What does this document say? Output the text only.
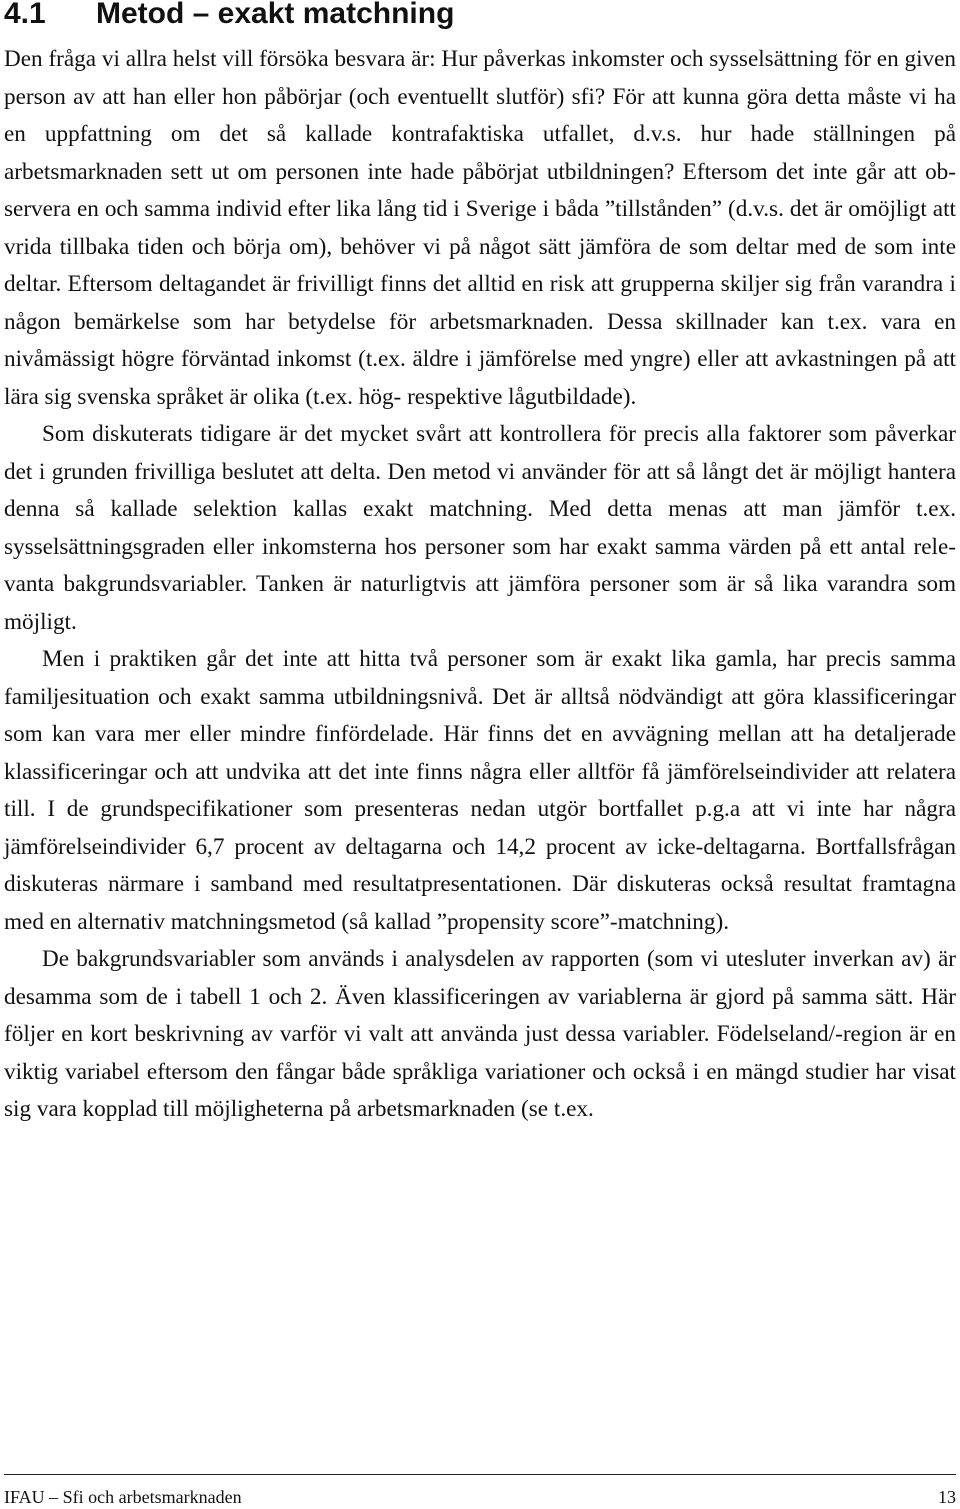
4.1 Metod – exakt matchning

Den fråga vi allra helst vill försöka besvara är: Hur påverkas inkomster och sysselsättning för en given person av att han eller hon påbörjar (och eventuellt slutför) sfi? För att kunna göra detta måste vi ha en uppfattning om det så kallade kontrafaktiska utfallet, d.v.s. hur hade ställningen på arbetsmarknaden sett ut om personen inte hade påbörjat utbildningen? Eftersom det inte går att observera en och samma individ efter lika lång tid i Sverige i båda ”tillstånden” (d.v.s. det är omöjligt att vrida tillbaka tiden och börja om), behöver vi på något sätt jämföra de som deltar med de som inte deltar. Eftersom deltagandet är frivilligt finns det alltid en risk att grupperna skiljer sig från varandra i någon bemärkelse som har betydelse för arbetsmarknaden. Dessa skillnader kan t.ex. vara en nivåmässigt högre förväntad inkomst (t.ex. äldre i jämförelse med yngre) eller att avkastningen på att lära sig svenska språket är olika (t.ex. hög- respektive lågutbildade).

Som diskuterats tidigare är det mycket svårt att kontrollera för precis alla faktorer som påverkar det i grunden frivilliga beslutet att delta. Den metod vi använder för att så långt det är möjligt hantera denna så kallade selektion kallas exakt matchning. Med detta menas att man jämför t.ex. sysselsättningsgraden eller inkomsterna hos personer som har exakt samma värden på ett antal relevanta bakgrundsvariabler. Tanken är naturligtvis att jämföra personer som är så lika varandra som möjligt.

Men i praktiken går det inte att hitta två personer som är exakt lika gamla, har precis samma familjesituation och exakt samma utbildningsnivå. Det är alltså nödvändigt att göra klassificeringar som kan vara mer eller mindre finfördelade. Här finns det en avvägning mellan att ha detaljerade klassificeringar och att undvika att det inte finns några eller alltför få jämförelseindivider att relatera till. I de grundspecifikationer som presenteras nedan utgör bortfallet p.g.a att vi inte har några jämförelseindivider 6,7 procent av deltagarna och 14,2 procent av icke-deltagarna. Bortfallsfrågan diskuteras närmare i samband med resultatpresentationen. Där diskuteras också resultat framtagna med en alternativ matchningsmetod (så kallad ”propensity score”-matchning).

De bakgrundsvariabler som används i analysdelen av rapporten (som vi utesluter inverkan av) är desamma som de i tabell 1 och 2. Även klassificeringen av variablerna är gjord på samma sätt. Här följer en kort beskrivning av varför vi valt att använda just dessa variabler. Födelseland/-region är en viktig variabel eftersom den fångar både språkliga variationer och också i en mängd studier har visat sig vara kopplad till möjligheterna på arbetsmarknaden (se t.ex.

IFAU – Sfi och arbetsmarknaden	13
